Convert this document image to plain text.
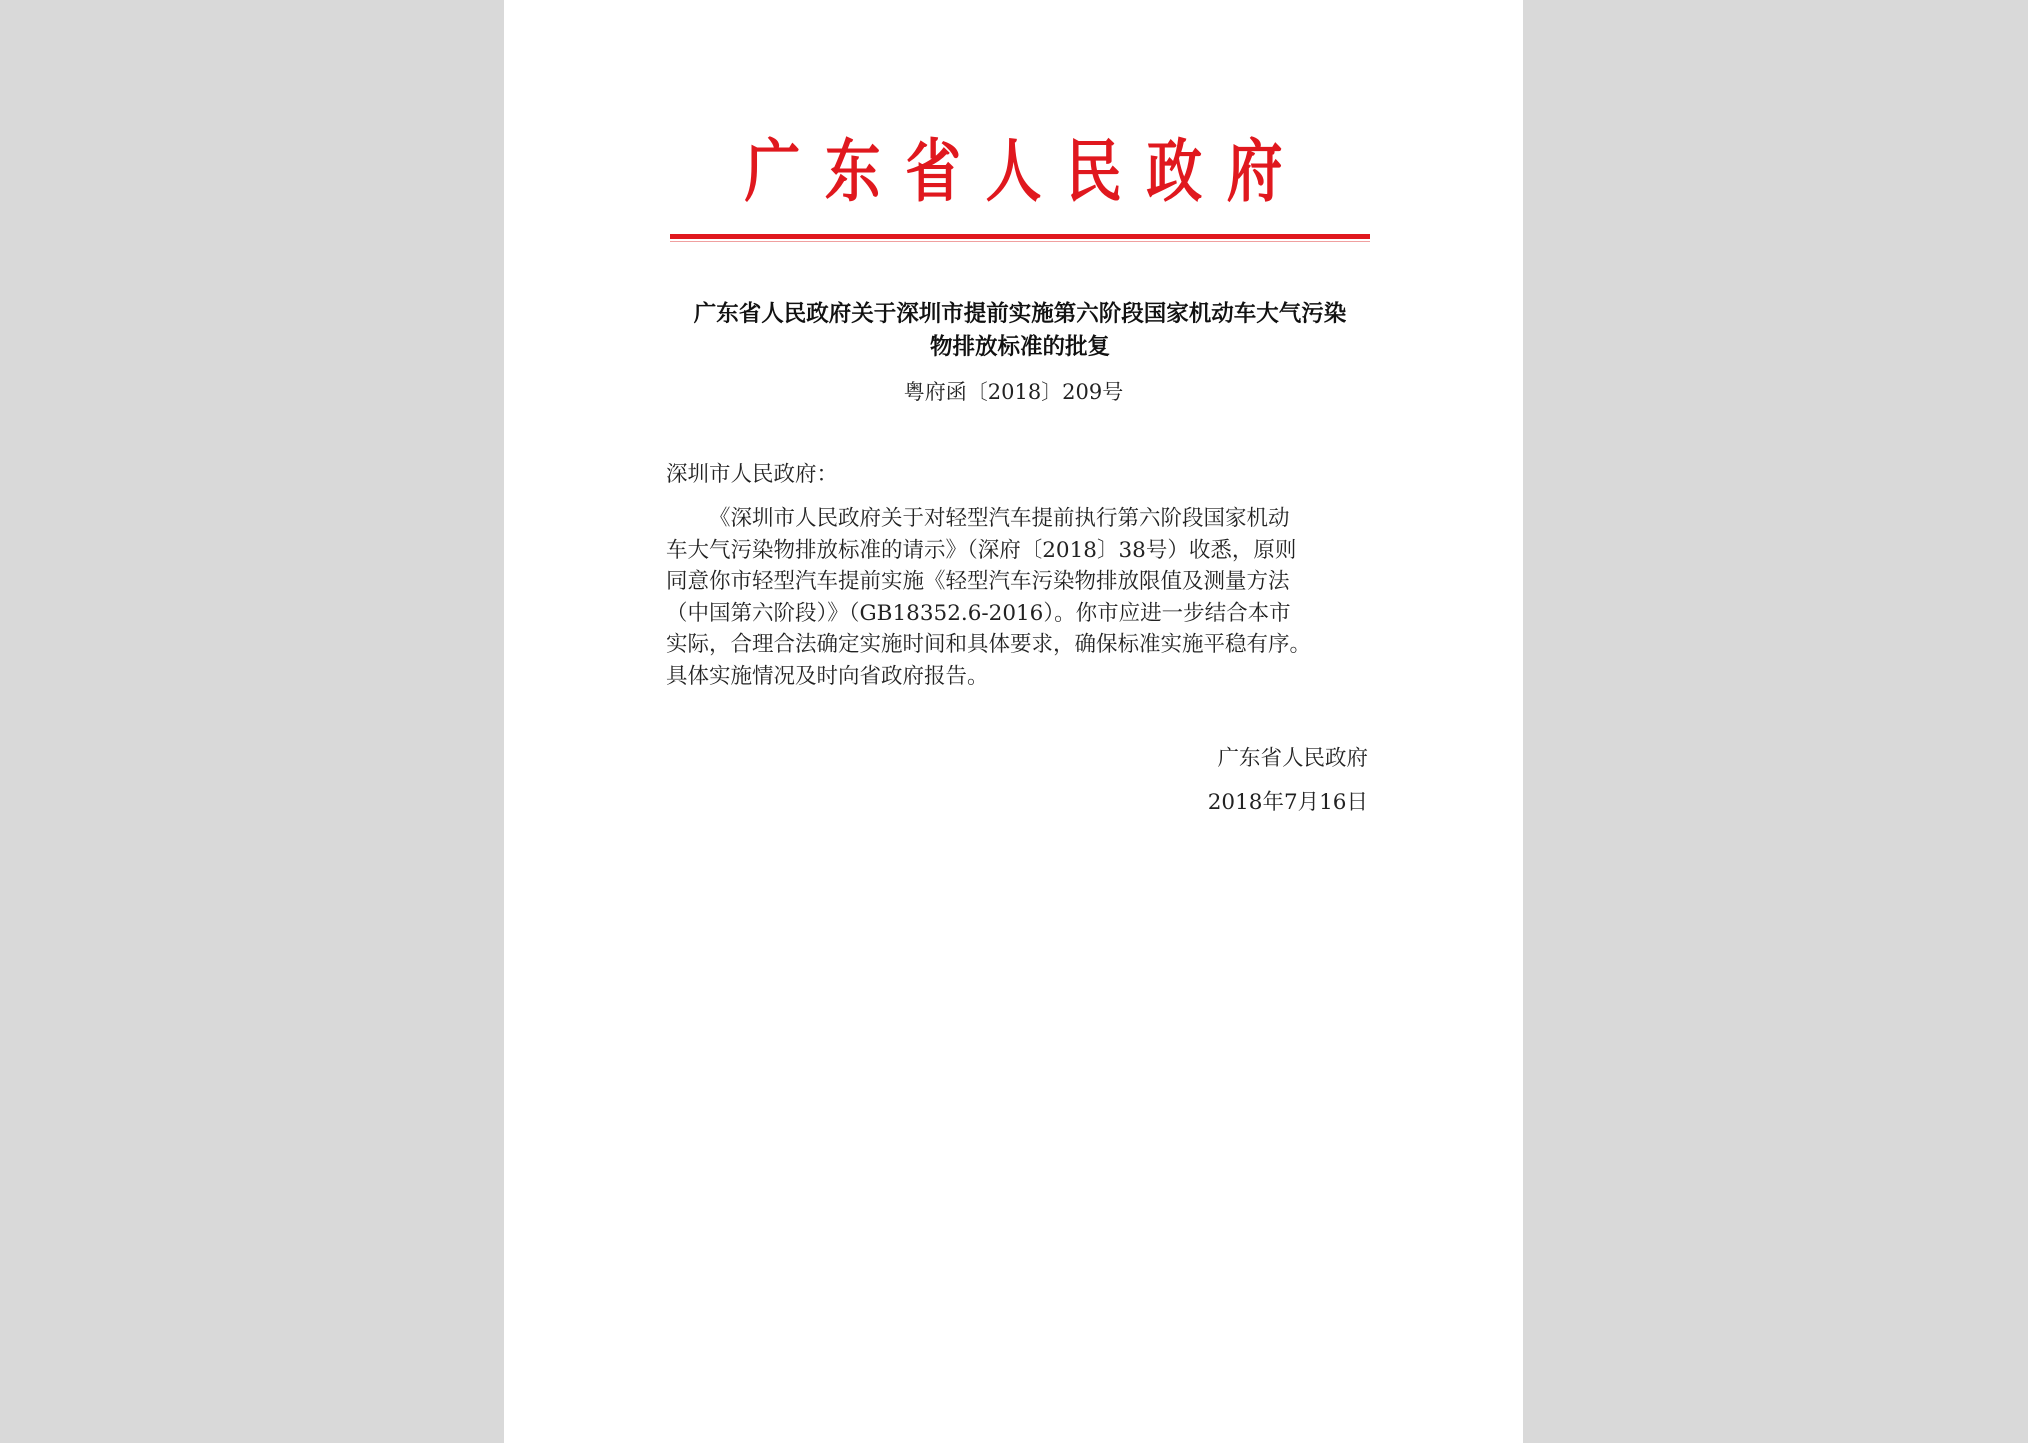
广东省人民政府
广东省人民政府关于深圳市提前实施第六阶段国家机动车大气污染
物排放标准的批复
粤府函〔2018〕209号
深圳市人民政府：
《深圳市人民政府关于对轻型汽车提前执行第六阶段国家机动
车大气污染物排放标准的请示》（深府〔2018〕38号）收悉，原则
同意你市轻型汽车提前实施《轻型汽车污染物排放限值及测量方法
（中国第六阶段）》（GB18352.6-2016）。你市应进一步结合本市
实际，合理合法确定实施时间和具体要求，确保标准实施平稳有序。
具体实施情况及时向省政府报告。
广东省人民政府
2018年7月16日
